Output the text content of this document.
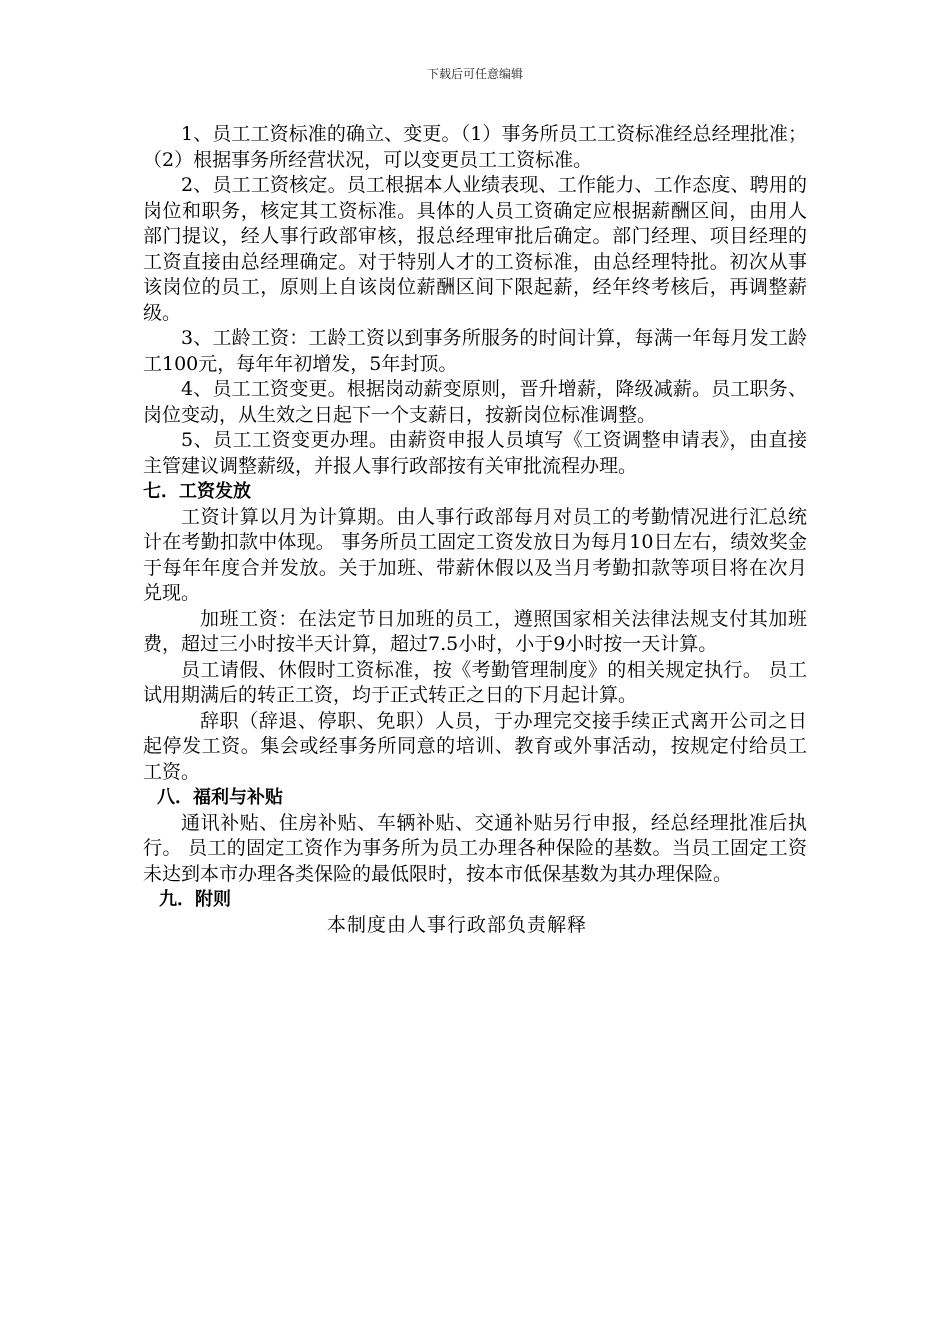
下载后可任意编辑

1、员工工资标准的确立、变更。（1）事务所员工工资标准经总经理批准；（2）根据事务所经营状况，可以变更员工工资标准。

2、员工工资核定。员工根据本人业绩表现、工作能力、工作态度、聘用的岗位和职务，核定其工资标准。具体的人员工资确定应根据薪酬区间，由用人部门提议，经人事行政部审核，报总经理审批后确定。部门经理、项目经理的工资直接由总经理确定。对于特别人才的工资标准，由总经理特批。初次从事该岗位的员工，原则上自该岗位薪酬区间下限起薪，经年终考核后，再调整薪级。

3、工龄工资：工龄工资以到事务所服务的时间计算，每满一年每月发工龄工100元，每年年初增发，5年封顶。

4、员工工资变更。根据岗动薪变原则，晋升增薪，降级减薪。员工职务、岗位变动，从生效之日起下一个支薪日，按新岗位标准调整。

5、员工工资变更办理。由薪资申报人员填写《工资调整申请表》，由直接主管建议调整薪级，并报人事行政部按有关审批流程办理。

七．工资发放

工资计算以月为计算期。由人事行政部每月对员工的考勤情况进行汇总统计在考勤扣款中体现。 事务所员工固定工资发放日为每月10日左右，绩效奖金于每年年度合并发放。关于加班、带薪休假以及当月考勤扣款等项目将在次月兑现。

加班工资：在法定节日加班的员工，遵照国家相关法律法规支付其加班费，超过三小时按半天计算，超过7.5小时，小于9小时按一天计算。

员工请假、休假时工资标准，按《考勤管理制度》的相关规定执行。 员工试用期满后的转正工资，均于正式转正之日的下月起计算。

辞职（辞退、停职、免职）人员，于办理完交接手续正式离开公司之日起停发工资。集会或经事务所同意的培训、教育或外事活动，按规定付给员工工资。

八．福利与补贴

通讯补贴、住房补贴、车辆补贴、交通补贴另行申报，经总经理批准后执行。 员工的固定工资作为事务所为员工办理各种保险的基数。当员工固定工资未达到本市办理各类保险的最低限时，按本市低保基数为其办理保险。

九．附则

本制度由人事行政部负责解释
